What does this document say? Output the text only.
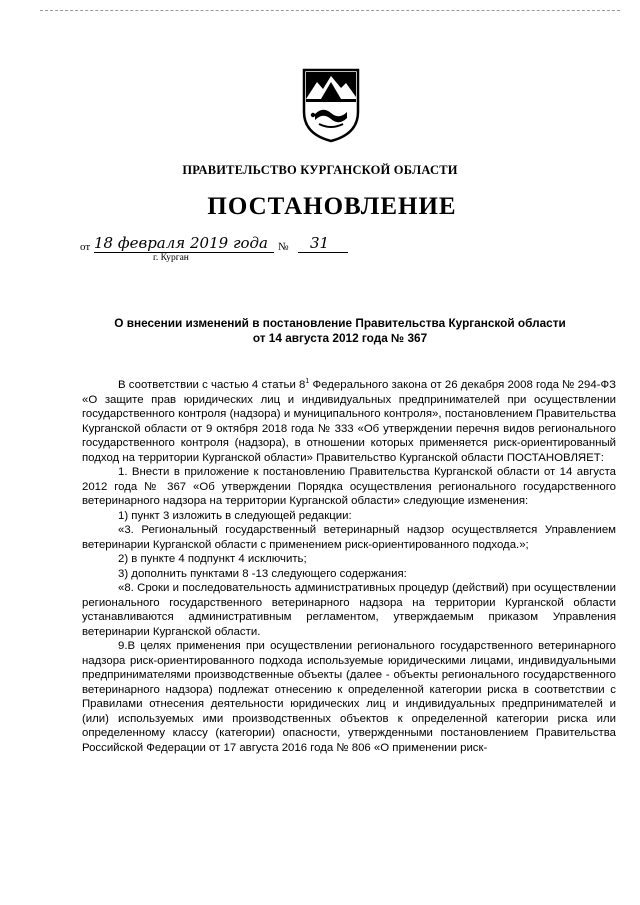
ПРАВИТЕЛЬСТВО КУРГАНСКОЙ ОБЛАСТИ
ПОСТАНОВЛЕНИЕ
от 18 февраля 2019 года № 31
г. Курган
О внесении изменений в постановление Правительства Курганской области
от 14 августа 2012 года № 367

В соответствии с частью 4 статьи $8^1$ Федерального закона от 26 декабря 2008 года № 294-ФЗ «О защите прав юридических лиц и индивидуальных предпринимателей при осуществлении государственного контроля (надзора) и муниципального контроля», постановлением Правительства Курганской области от 9 октября 2018 года № 333 «Об утверждении перечня видов регионального государственного контроля (надзора), в отношении которых применяется риск-ориентированный подход на территории Курганской области» Правительство Курганской области ПОСТАНОВЛЯЕТ:

1. Внести в приложение к постановлению Правительства Курганской области от 14 августа 2012 года № 367 «Об утверждении Порядка осуществления регионального государственного ветеринарного надзора на территории Курганской области» следующие изменения:

1) пункт 3 изложить в следующей редакции:

«3. Региональный государственный ветеринарный надзор осуществляется Управлением ветеринарии Курганской области с применением риск-ориентированного подхода.»;

2) в пункте 4 подпункт 4 исключить;

3) дополнить пунктами 8 -13 следующего содержания:

«8. Сроки и последовательность административных процедур (действий) при осуществлении регионального государственного ветеринарного надзора на территории Курганской области устанавливаются административным регламентом, утверждаемым приказом Управления ветеринарии Курганской области.

9.В целях применения при осуществлении регионального государственного ветеринарного надзора риск-ориентированного подхода используемые юридическими лицами, индивидуальными предпринимателями производственные объекты (далее - объекты регионального государственного ветеринарного надзора) подлежат отнесению к определенной категории риска в соответствии с Правилами отнесения деятельности юридических лиц и индивидуальных предпринимателей и (или) используемых ими производственных объектов к определенной категории риска или определенному классу (категории) опасности, утвержденными постановлением Правительства Российской Федерации от 17 августа 2016 года № 806 «О применении риск-
